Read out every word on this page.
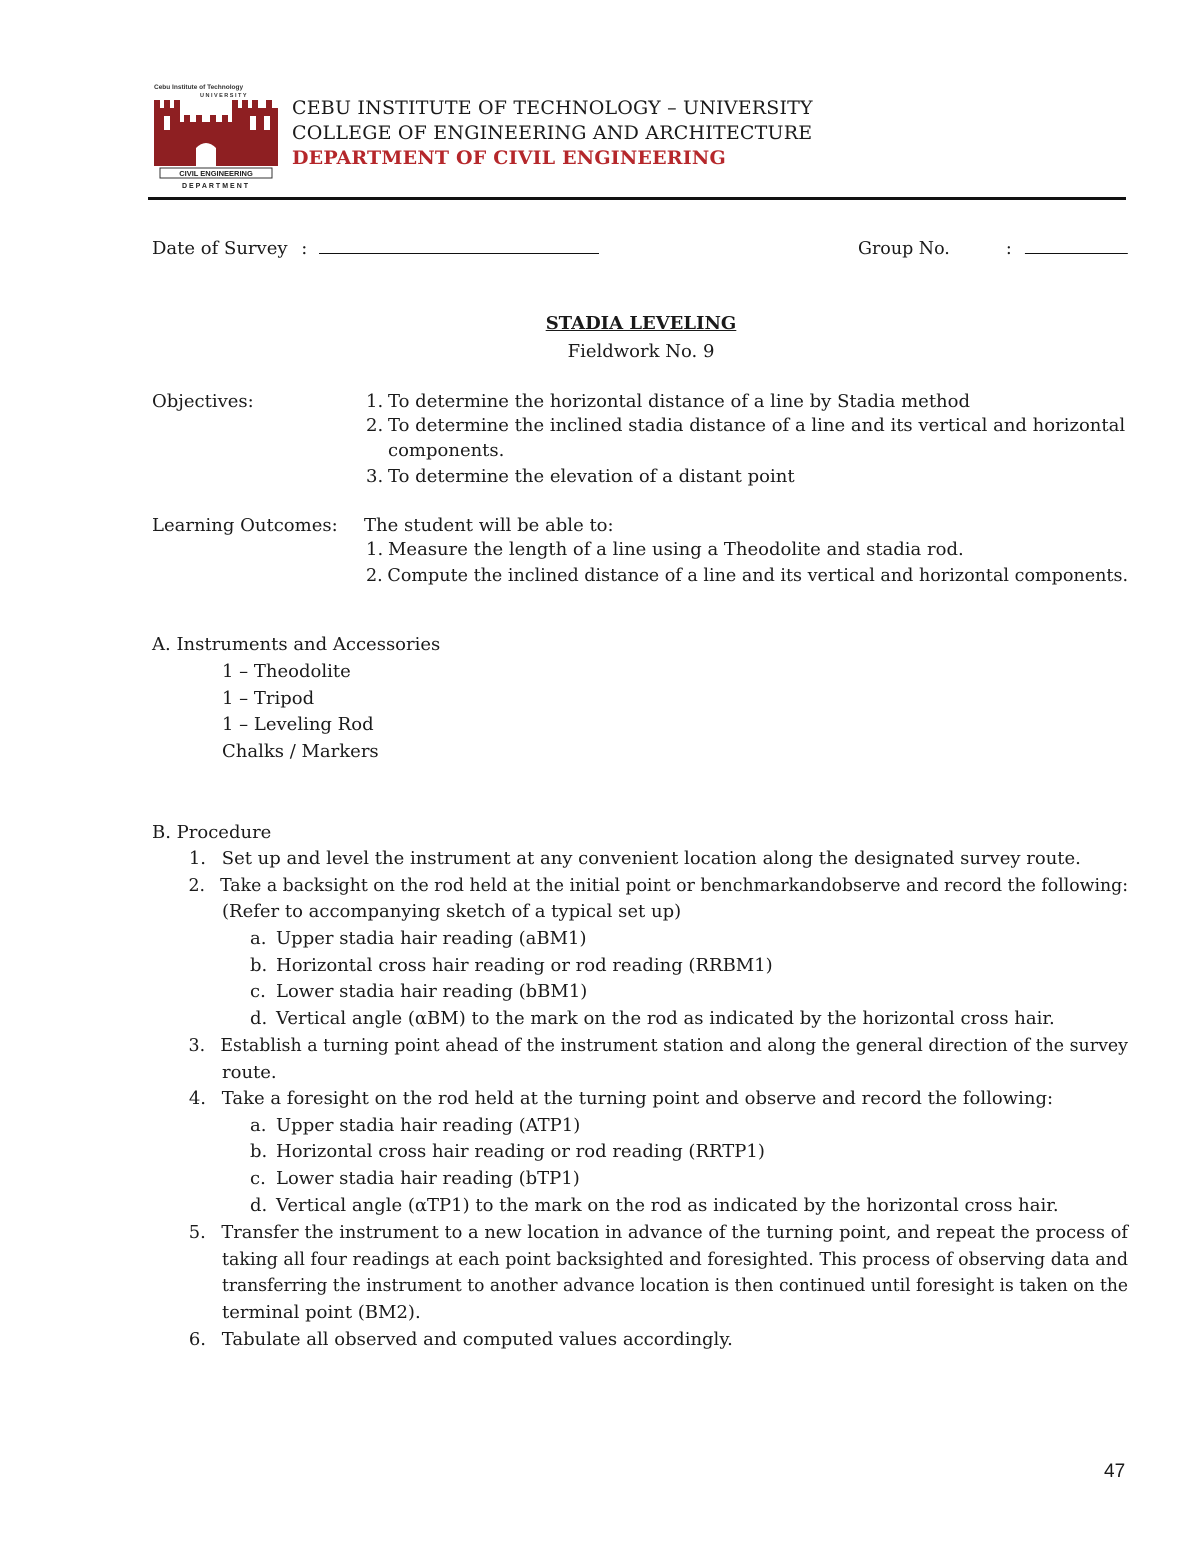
Cebu Institute of Technology
UNIVERSITY
CIVIL ENGINEERING
DEPARTMENT
CEBU INSTITUTE OF TECHNOLOGY – UNIVERSITY
COLLEGE OF ENGINEERING AND ARCHITECTURE
DEPARTMENT OF CIVIL ENGINEERING
Date of Survey :	Group No.	:
STADIA LEVELING
Fieldwork No. 9
Objectives:	1. To determine the horizontal distance of a line by Stadia method
2. To determine the inclined stadia distance of a line and its vertical and horizontal
components.
3. To determine the elevation of a distant point
Learning Outcomes: The student will be able to:
1. Measure the length of a line using a Theodolite and stadia rod.
2. Compute the inclined distance of a line and its vertical and horizontal components.
A. Instruments and Accessories
1 – Theodolite
1 – Tripod
1 – Leveling Rod
Chalks / Markers
B. Procedure
1. Set up and level the instrument at any convenient location along the designated survey route.
2. Take a backsight on the rod held at the initial point or benchmarkandobserve and record the following:
(Refer to accompanying sketch of a typical set up)
a. Upper stadia hair reading (aBM1)
b. Horizontal cross hair reading or rod reading (RRBM1)
c. Lower stadia hair reading (bBM1)
d. Vertical angle (αBM) to the mark on the rod as indicated by the horizontal cross hair.
3. Establish a turning point ahead of the instrument station and along the general direction of the survey
route.
4. Take a foresight on the rod held at the turning point and observe and record the following:
a. Upper stadia hair reading (ATP1)
b. Horizontal cross hair reading or rod reading (RRTP1)
c. Lower stadia hair reading (bTP1)
d. Vertical angle (αTP1) to the mark on the rod as indicated by the horizontal cross hair.
5. Transfer the instrument to a new location in advance of the turning point, and repeat the process of
taking all four readings at each point backsighted and foresighted. This process of observing data and
transferring the instrument to another advance location is then continued until foresight is taken on the
terminal point (BM2).
6. Tabulate all observed and computed values accordingly.
47
